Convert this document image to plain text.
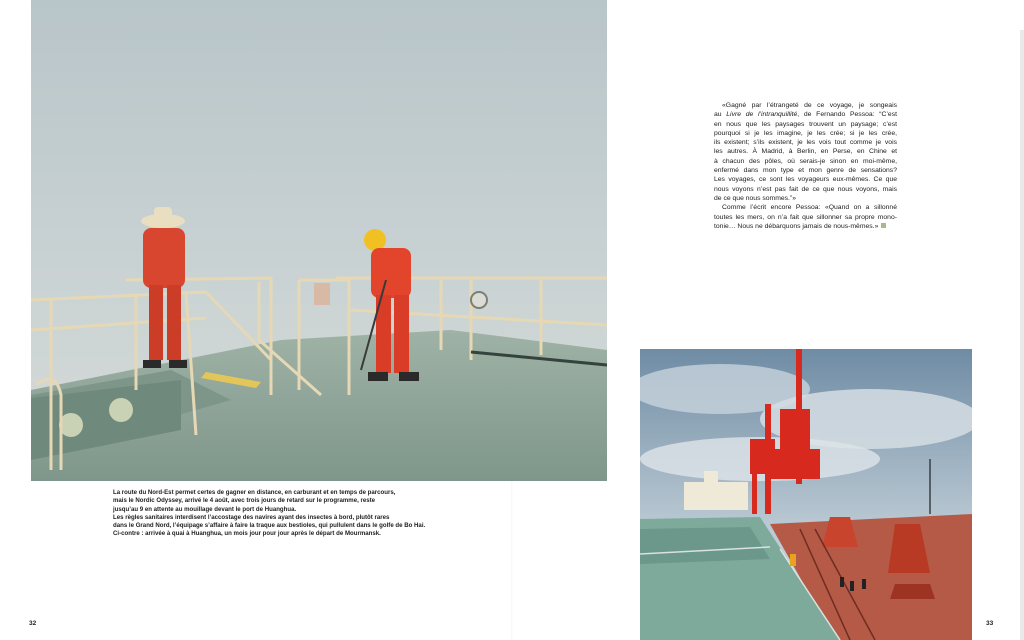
La route du Nord-Est permet certes de gagner en distance, en carburant et en temps de parcours,
mais le Nordic Odyssey, arrivé le 4 août, avec trois jours de retard sur le programme, reste
jusqu’au 9 en attente au mouillage devant le port de Huanghua.
Les règles sanitaires interdisent l’accostage des navires ayant des insectes à bord, plutôt rares
dans le Grand Nord, l’équipage s’affaire à faire la traque aux bestioles, qui pullulent dans le golfe de Bo Hai.
Ci-contre : arrivée à quai à Huanghua, un mois jour pour jour après le départ de Mourmansk.

«Gagné par l’étrangeté de ce voyage, je songeais
au Livre de l’intranquillité, de Fernando Pessoa: “C’est
en nous que les paysages trouvent un paysage; c’est
pourquoi si je les imagine, je les crée; si je les crée,
ils existent; s’ils existent, je les vois tout comme je vois
les autres. À Madrid, à Berlin, en Perse, en Chine et
à chacun des pôles, où serais-je sinon en moi-même,
enfermé dans mon type et mon genre de sensations?
Les voyages, ce sont les voyageurs eux-mêmes. Ce que
nous voyons n’est pas fait de ce que nous voyons, mais
de ce que nous sommes.”»
Comme l’écrit encore Pessoa: «Quand on a sillonné
toutes les mers, on n’a fait que sillonner sa propre mono-
tonie… Nous ne débarquons jamais de nous-mêmes.»
32	33
